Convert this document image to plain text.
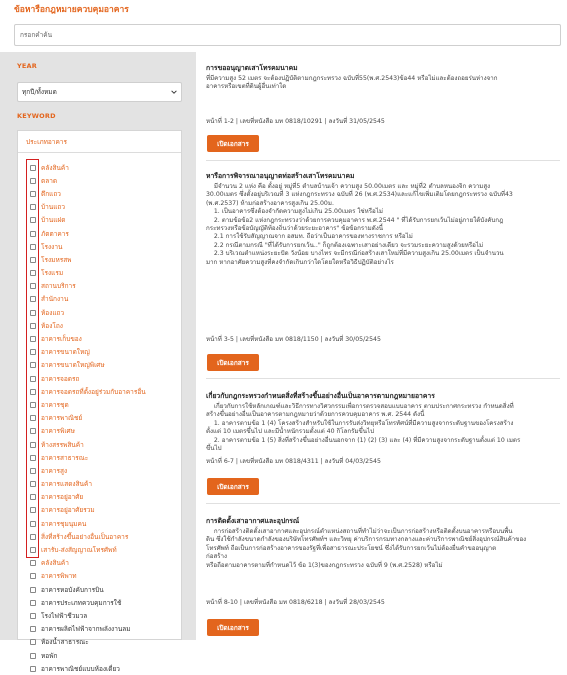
ข้อหารือกฎหมายควบคุมอาคาร
กรอกคำค้น
YEAR
ทุกปี/ทั้งหมด
KEYWORD
ประเภทอาคาร
คลังสินค้า
ตลาด
ตึกแถว
บ้านแถว
บ้านแฝด
ภัตตาคาร
โรงงาน
โรงมหรสพ
โรงแรม
สถานบริการ
สำนักงาน
ห้องแถว
ห้องโถง
อาคารเก็บของ
อาคารขนาดใหญ่
อาคารขนาดใหญ่พิเศษ
อาคารจอดรถ
อาคารจอดรถที่ตั้งอยู่ร่วมกับอาคารอื่น
อาคารชุด
อาคารพาณิชย์
อาคารพิเศษ
ห้างสรรพสินค้า
อาคารสาธารณะ
อาคารสูง
อาคารแสดงสินค้า
อาคารอยู่อาศัย
อาคารอยู่อาศัยรวม
อาคารชุมนุมคน
สิ่งที่สร้างขึ้นอย่างอื่นเป็นอาคาร
เสารับ-ส่งสัญญาณโทรศัพท์
คลังสินค้า
อาคารพิพาท
อาคารหอบังคับการบิน
อาคารประเภทควบคุมการใช้
โรงไฟฟ้าชีวมวล
อาคารผลิตไฟฟ้าจากพลังงานลม
ห้องน้ำสาธารณะ
หอพัก
อาคารพาณิชย์แบบห้องเดี่ยว
การขออนุญาตเสาโทรคมนาคม
ที่มีความสูง 52 เมตร จะต้องปฏิบัติตามกฎกระทรวง ฉบับที่55(พ.ศ.2543)ข้อ44 หรือไม่และต้องถอยร่นห่างจาก
อาคารหรือเขตที่ดินผู้อื่นเท่าใด
หน้าที่ 1-2 | เลขที่หนังสือ มท 0818/10291 | ลงวันที่ 31/05/2545
เปิดเอกสาร
หารือการพิจารณาอนุญาตท่อสร้างเสาโทรคมนาคม
มีจำนวน 2 แห่ง คือ ตั้งอยู่ หมู่ที่5 ตำบลบ้านเจ้า ความสูง 50.00เมตร และ หมู่ที่2 ตำบลหนองจิก ความสูง
30.00เมตร ซึ่งตั้งอยู่บริเวณที่ 3 แห่งกฎกระทรวง ฉบับที่ 26 (พ.ศ.2534)และแก้ไขเพิ่มเติมโดยกฎกระทรวง ฉบับที่43
(พ.ศ.2537) ห้ามก่อสร้างอาคารสูงเกิน 25.00ม.
1. เป็นอาคารซึ่งต้องจำกัดความสูงไม่เกิน 25.00เมตร ใช่หรือไม่
2. ตามข้อข้อ2 แห่งกฎกระทรวงว่าด้วยการควบคุมอาคาร พ.ศ.2544 " ที่ได้รับการยกเว้นไม่อยู่ภายใต้บังคับกฎ
กระทรวงหรือข้อบัญญัติท้องถิ่นว่าด้วยระยะอาคาร" ข้อข้อกรามดังนี้
2.1 การใช้รับสัญญาณจาก อสมท. ถือว่าเป็นอาคารของทางราชการ หรือไม่
2.2 กรณีตามกรณี "ที่ได้รับการยกเว้น.." ก็ถูกต้องเฉพาะเสาอย่างเดียว จะรวมระยะความสูงด้วยหรือไม่
2.3 บริเวณตำแหน่งระยะปัด วังน้อย บางไทร จะมีกรณีก่อสร้างเสาใหม่ที่มีความสูงเกิน 25.00เมตร เป็นจำนวน
มาก หากอาศัยความสูงที่คงจำกัดเกินกว่าใดโดยใดหรือวิธีปฏิบัติอย่างไร
หน้าที่ 3-5 | เลขที่หนังสือ มท 0818/1150 | ลงวันที่ 30/05/2545
เปิดเอกสาร
เกี่ยวกับกฎกระทรวงกำหนดสิ่งที่สร้างขึ้นอย่างอื่นเป็นอาคารตามกฎหมายอาคาร
เกี่ยวกับการใช้หลักเกณฑ์และวิธีการทางวิศวกรรมเพื่อการตรวจสอบแบบอาคาร ตามประกาศกระทรวง กำหนดสิ่งที่
สร้างขึ้นอย่างอื่นเป็นอาคารตามกฎหมายว่าด้วยการควบคุมอาคาร พ.ศ. 2544 ดังนี้
1. อาคารตามข้อ 1 (4) โครงสร้างสำหรับใช้ในการรับส่งวิทยุหรือโทรทัศน์ที่มีความสูงจากระดับฐานของโครงสร้าง
ตั้งแต่ 10 เมตรขึ้นไป และมีน้ำหนักรวมตั้งแต่ 40 กิโลกรัมขึ้นไป
2. อาคารตามข้อ 1 (5) สิ่งที่สร้างขึ้นอย่างอื่นนอกจาก (1) (2) (3) และ (4) ที่มีความสูงจากระดับฐานตั้งแต่ 10 เมตร
ขึ้นไป
หน้าที่ 6-7 | เลขที่หนังสือ มท 0818/4311 | ลงวันที่ 04/03/2545
เปิดเอกสาร
การติดตั้งเสาอากาศและอุปกรณ์
การก่อสร้างติดตั้งเสาอากาศและอุปกรณ์ตำแหน่งสถานที่ทำไม่ว่าจะเป็นการก่อสร้างหรือติดตั้งบนอาคารหรือบนพื้น
ดิน ซึ่งใช้กำลังขนาดกำลังของบริษัทโทรศัพท์ฯ และวิทยุ ค่าบริการกรมทางกลางและค่าบริการพาณิชย์สิ่งอุปกรณ์สินค้าของ
โทรศัพท์ ถือเป็นการก่อสร้างอาคารของรัฐที่เพื่อสาธารณะประโยชน์ ซึ่งได้รับการยกเว้นไม่ต้องยื่นคำขออนุญาต
ก่อสร้าง
หรือถือตามอาคารตามที่กำหนดไว้ ข้อ 1(3)ของกฎกระทรวง ฉบับที่ 9 (พ.ศ.2528) หรือไม่
หน้าที่ 8-10 | เลขที่หนังสือ มท 0818/6218 | ลงวันที่ 28/03/2545
เปิดเอกสาร
